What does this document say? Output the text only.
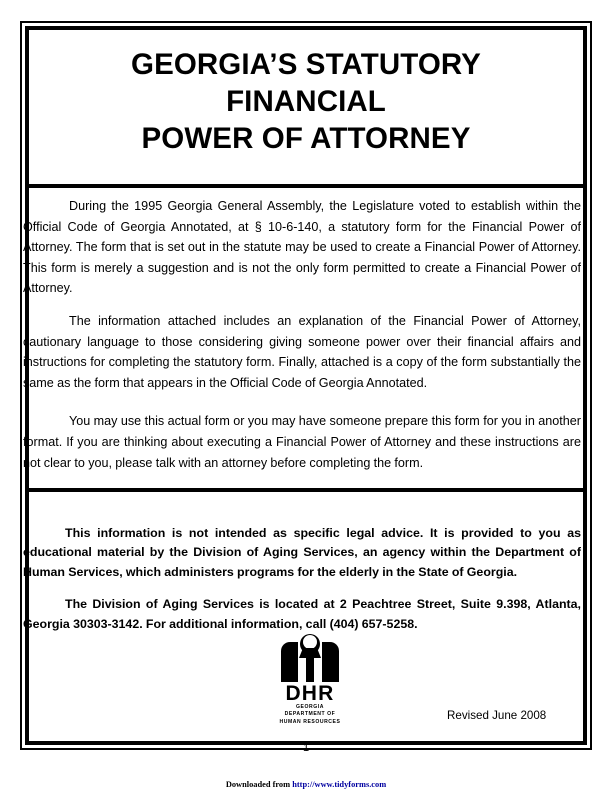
GEORGIA’S STATUTORY
FINANCIAL
POWER OF ATTORNEY

During the 1995 Georgia General Assembly, the Legislature voted to establish within the Official Code of Georgia Annotated, at § 10-6-140, a statutory form for the Financial Power of Attorney. The form that is set out in the statute may be used to create a Financial Power of Attorney. This form is merely a suggestion and is not the only form permitted to create a Financial Power of Attorney.

The information attached includes an explanation of the Financial Power of Attorney, cautionary language to those considering giving someone power over their financial affairs and instructions for completing the statutory form. Finally, attached is a copy of the form substantially the same as the form that appears in the Official Code of Georgia Annotated.

You may use this actual form or you may have someone prepare this form for you in another format. If you are thinking about executing a Financial Power of Attorney and these instructions are not clear to you, please talk with an attorney before completing the form.

This information is not intended as specific legal advice. It is provided to you as educational material by the Division of Aging Services, an agency within the Department of Human Services, which administers programs for the elderly in the State of Georgia.

The Division of Aging Services is located at 2 Peachtree Street, Suite 9.398, Atlanta, Georgia 30303-3142. For additional information, call (404) 657-5258.

DHR
GEORGIA
DEPARTMENT OF
HUMAN RESOURCES	Revised June 2008
1
Downloaded from http://www.tidyforms.com
